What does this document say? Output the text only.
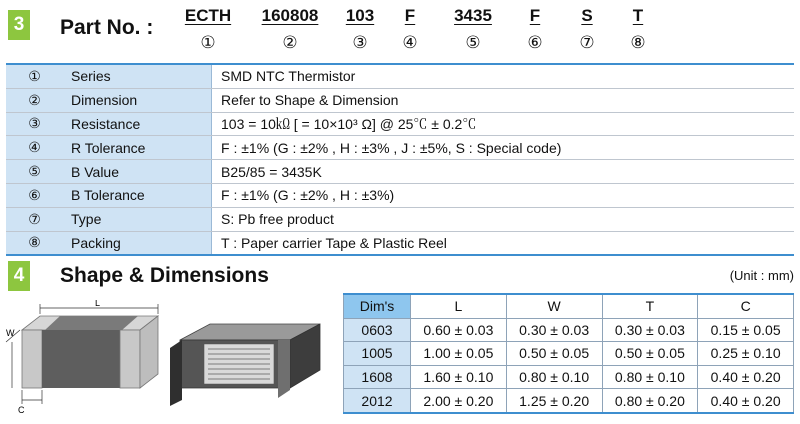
3 Part No. :
ECTH
①
160808
②
103
③
F
④
3435
⑤
F
⑥
S
⑦
T
⑧
①	Series	SMD NTC Thermistor
②	Dimension	Refer to Shape & Dimension
③	Resistance	103 = 10㏀ [ = 10×10³ Ω] @ 25℃ ± 0.2℃
④	R Tolerance	F : ±1% (G : ±2% , H : ±3% , J : ±5%, S : Special code)
⑤	B Value	B25/85 = 3435K
⑥	B Tolerance	F : ±1% (G : ±2% , H : ±3%)
⑦	Type	S: Pb free product
⑧	Packing	T : Paper carrier Tape & Plastic Reel
4 Shape & Dimensions	(Unit : mm)
L
W
C
Dim's	L	W	T	C
0603	0.60 ± 0.03	0.30 ± 0.03	0.30 ± 0.03	0.15 ± 0.05
1005	1.00 ± 0.05	0.50 ± 0.05	0.50 ± 0.05	0.25 ± 0.10
1608	1.60 ± 0.10	0.80 ± 0.10	0.80 ± 0.10	0.40 ± 0.20
2012	2.00 ± 0.20	1.25 ± 0.20	0.80 ± 0.20	0.40 ± 0.20
